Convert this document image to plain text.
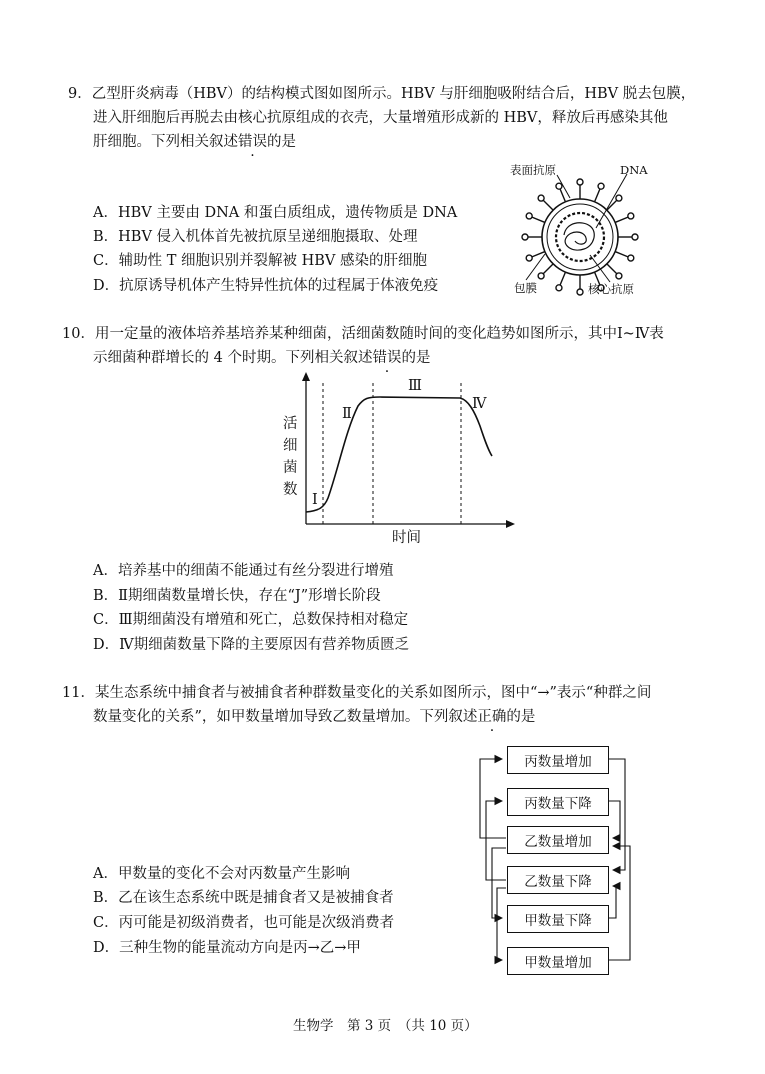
9．乙型肝炎病毒（HBV）的结构模式图如图所示。HBV 与肝细胞吸附结合后，HBV 脱去包膜，
进入肝细胞后再脱去由核心抗原组成的衣壳，大量增殖形成新的 HBV，释放后再感染其他
肝细胞。下列相关叙述错误的是
A．HBV 主要由 DNA 和蛋白质组成，遗传物质是 DNA
B．HBV 侵入机体首先被抗原呈递细胞摄取、处理
C．辅助性 T 细胞识别并裂解被 HBV 感染的肝细胞
D．抗原诱导机体产生特异性抗体的过程属于体液免疫
表面抗原	DNA
包膜	核心抗原
10．用一定量的液体培养基培养某种细菌，活细菌数随时间的变化趋势如图所示，其中Ⅰ~Ⅳ表
示细菌种群增长的 4 个时期。下列相关叙述错误的是
活
细
菌
数
时间
Ⅰ
Ⅱ
Ⅲ
Ⅳ
A．培养基中的细菌不能通过有丝分裂进行增殖
B．Ⅱ期细菌数量增长快，存在“J”形增长阶段
C．Ⅲ期细菌没有增殖和死亡，总数保持相对稳定
D．Ⅳ期细菌数量下降的主要原因有营养物质匮乏
11．某生态系统中捕食者与被捕食者种群数量变化的关系如图所示，图中“→”表示“种群之间
数量变化的关系”，如甲数量增加导致乙数量增加。下列叙述正确的是
丙数量增加
丙数量下降
乙数量增加
乙数量下降
甲数量下降
甲数量增加
A．甲数量的变化不会对丙数量产生影响
B．乙在该生态系统中既是捕食者又是被捕食者
C．丙可能是初级消费者，也可能是次级消费者
D．三种生物的能量流动方向是丙→乙→甲
生物学　第 3 页　（共 10 页）
